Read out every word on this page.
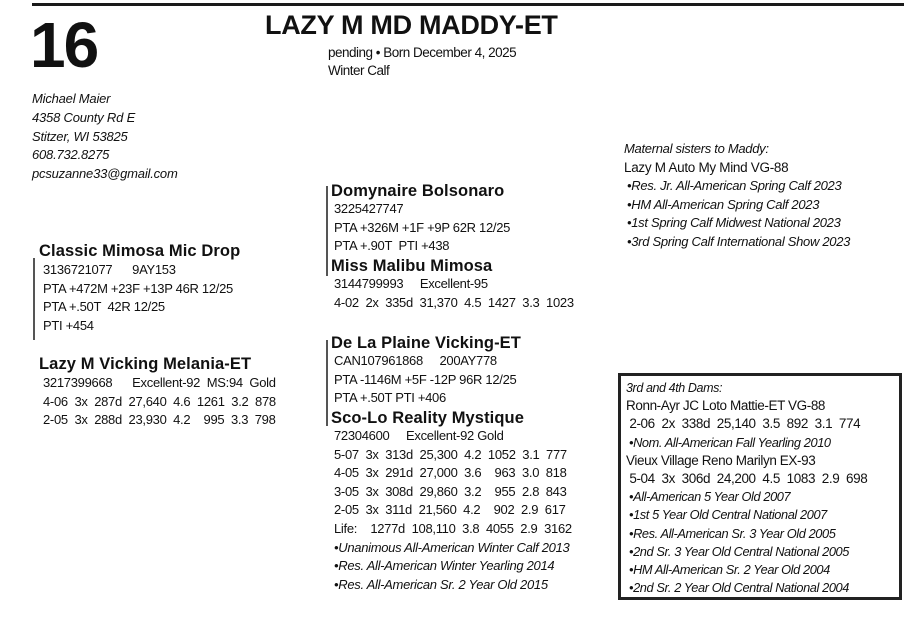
16	LAZY M MD MADDY-ET
pending • Born December 4, 2025
Winter Calf
Michael Maier
4358 County Rd E
Stitzer, WI 53825
608.732.8275
pcsuzanne33@gmail.com
Classic Mimosa Mic Drop
3136721077      9AY153
PTA +472M +23F +13P 46R 12/25
PTA +.50T  42R 12/25
PTI +454
Lazy M Vicking Melania-ET
3217399668      Excellent-92  MS:94  Gold
4-06  3x  287d  27,640  4.6  1261  3.2  878
2-05  3x  288d  23,930  4.2    995  3.3  798
Domynaire Bolsonaro
3225427747
PTA +326M +1F +9P 62R 12/25
PTA +.90T  PTI +438
Miss Malibu Mimosa
3144799993     Excellent-95
4-02  2x  335d  31,370  4.5  1427  3.3  1023
De La Plaine Vicking-ET
CAN107961868     200AY778
PTA -1146M +5F -12P 96R 12/25
PTA +.50T PTI +406
Sco-Lo Reality Mystique
72304600     Excellent-92 Gold
5-07  3x  313d  25,300  4.2  1052  3.1  777
4-05  3x  291d  27,000  3.6    963  3.0  818
3-05  3x  308d  29,860  3.2    955  2.8  843
2-05  3x  311d  21,560  4.2    902  2.9  617
Life:    1277d  108,110  3.8  4055  2.9  3162
•Unanimous All-American Winter Calf 2013
•Res. All-American Winter Yearling 2014
•Res. All-American Sr. 2 Year Old 2015
Maternal sisters to Maddy:
Lazy M Auto My Mind VG-88
•Res. Jr. All-American Spring Calf 2023
•HM All-American Spring Calf 2023
•1st Spring Calf Midwest National 2023
•3rd Spring Calf International Show 2023
3rd and 4th Dams:
Ronn-Ayr JC Loto Mattie-ET VG-88
2-06  2x  338d  25,140  3.5  892  3.1  774
•Nom. All-American Fall Yearling 2010
Vieux Village Reno Marilyn EX-93
5-04  3x  306d  24,200  4.5  1083  2.9  698
•All-American 5 Year Old 2007
•1st 5 Year Old Central National 2007
•Res. All-American Sr. 3 Year Old 2005
•2nd Sr. 3 Year Old Central National 2005
•HM All-American Sr. 2 Year Old 2004
•2nd Sr. 2 Year Old Central National 2004
